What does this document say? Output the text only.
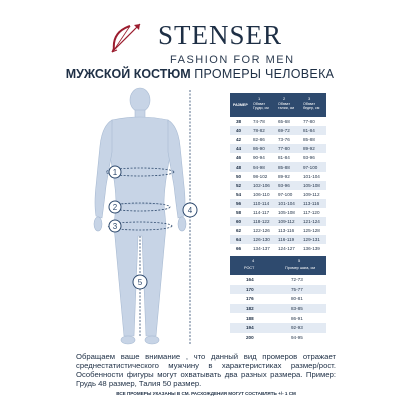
STENSER
FASHION FOR MEN
МУЖСКОЙ КОСТЮМ ПРОМЕРЫ ЧЕЛОВЕКА
1
2
3
4
5
РАЗМЕР
1	2	3
Обхват Груди, см
Обхват талии, см
Обхват бедер, см
38	74-78	65-68	77-80
40	78-82	69-72	81-84
42	82-86	73-76	85-88
44	86-90	77-80	89-92
46	90-94	81-84	93-96
48	94-98	85-88	97-100
50	98-102	89-92	101-104
52	102-106	93-96	105-108
54	106-110	97-100	109-112
56	110-114	101-104	113-116
58	114-117	105-108	117-120
60	118-122	109-112	121-124
62	122-126	113-116	125-128
64	126-130	116-119	129-131
66	134-137	124-127	136-139
4	5
РОСТ	Промер шага, см
164	72-73
170	75-77
176	80-81
182	83-85
188	86-91
194	92-93
200	94-95
Обращаем ваше внимание , что данный вид промеров отражает среднестатистического мужчину в характеристиках размер/рост. Особенности фигуры могут охватывать два разных размера. Пример: Грудь 48 размер, Талия 50 размер.
ВСЕ ПРОМЕРЫ УКАЗАНЫ В СМ. РАСХОЖДЕНИЯ МОГУТ СОСТАВЛЯТЬ +/- 1 СМ
